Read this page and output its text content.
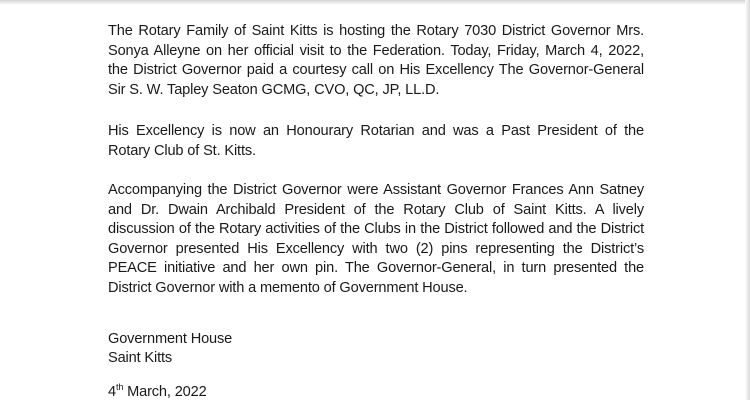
The Rotary Family of Saint Kitts is hosting the Rotary 7030 District Governor Mrs. Sonya Alleyne on her official visit to the Federation. Today, Friday, March 4, 2022, the District Governor paid a courtesy call on His Excellency The Governor-General Sir S. W. Tapley Seaton GCMG, CVO, QC, JP, LL.D.

His Excellency is now an Honourary Rotarian and was a Past President of the Rotary Club of St. Kitts.

Accompanying the District Governor were Assistant Governor Frances Ann Satney and Dr. Dwain Archibald President of the Rotary Club of Saint Kitts. A lively discussion of the Rotary activities of the Clubs in the District followed and the District Governor presented His Excellency with two (2) pins representing the District’s PEACE initiative and her own pin. The Governor-General, in turn presented the District Governor with a memento of Government House.

Government House

Saint Kitts

4th March, 2022
